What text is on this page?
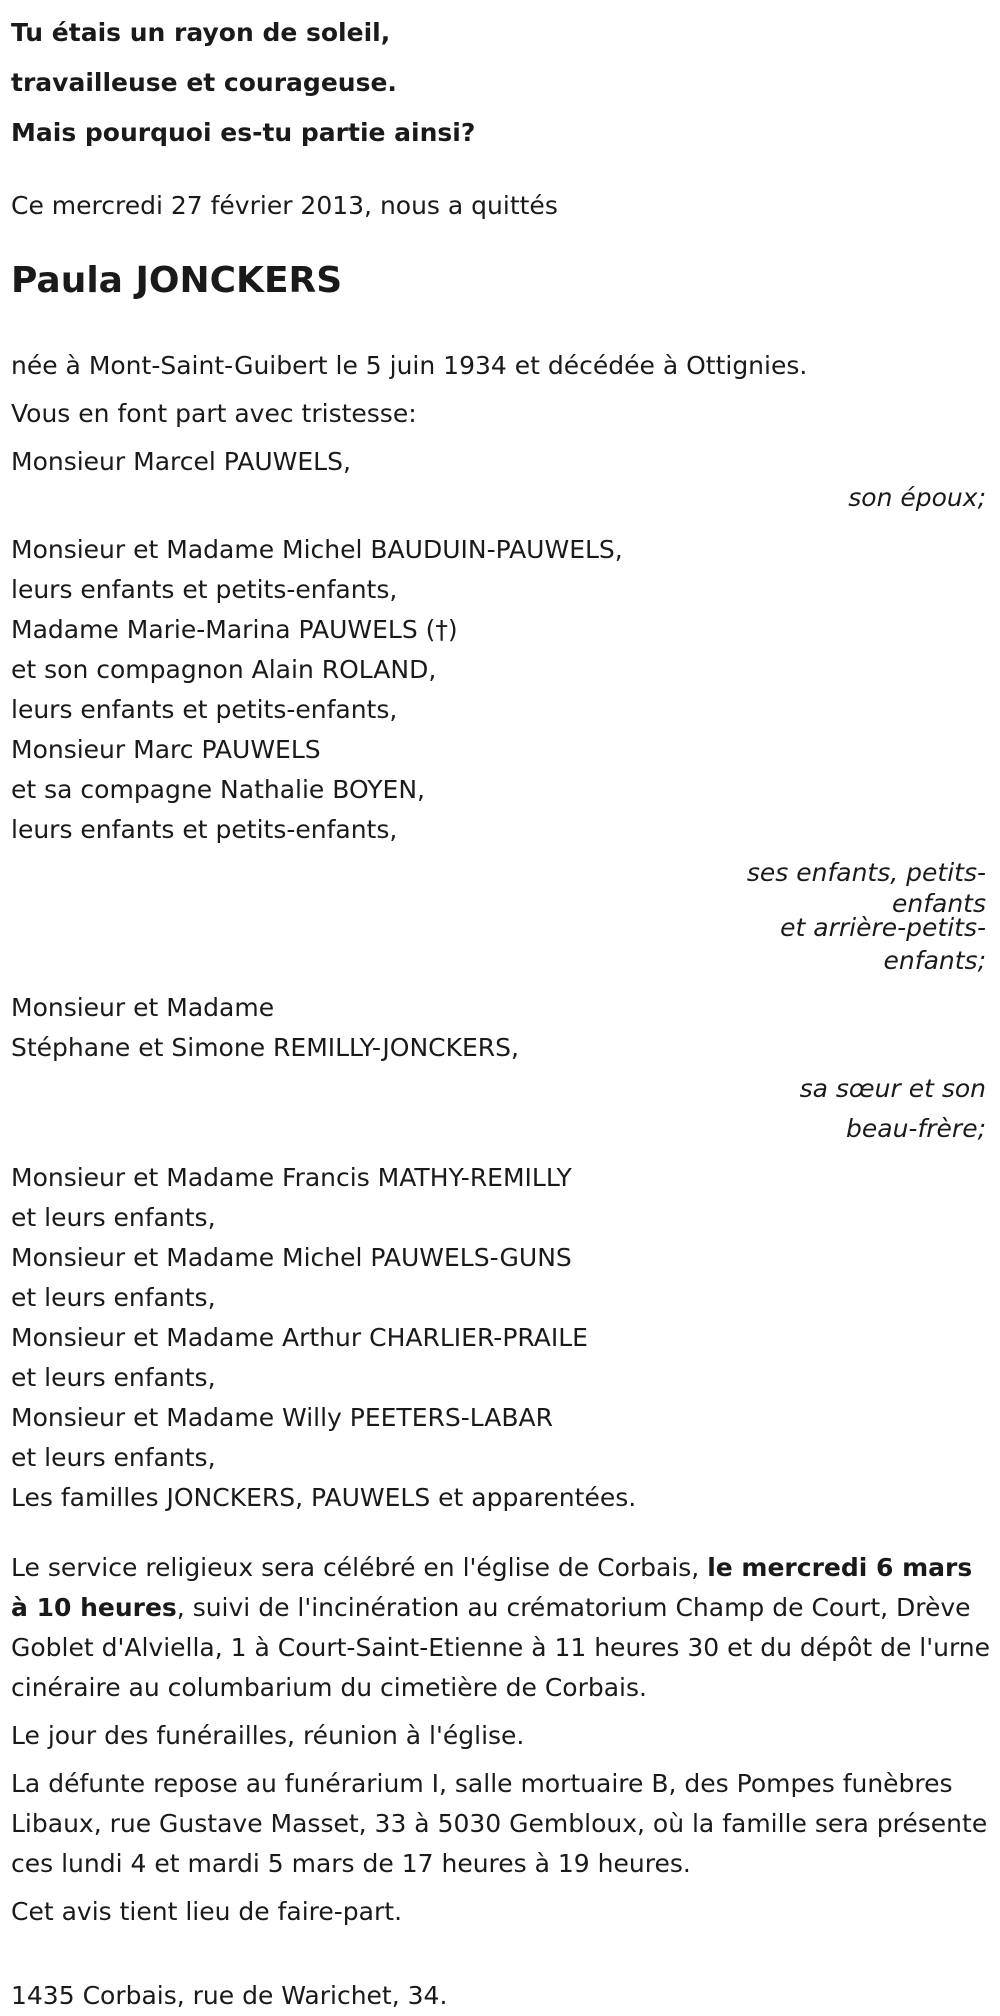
Tu étais un rayon de soleil,

travailleuse et courageuse.

Mais pourquoi es-tu partie ainsi?

Ce mercredi 27 février 2013, nous a quittés
Paula JONCKERS

née à Mont-Saint-Guibert le 5 juin 1934 et décédée à Ottignies.

Vous en font part avec tristesse:

Monsieur Marcel PAUWELS,

son époux;

Monsieur et Madame Michel BAUDUIN-PAUWELS,

leurs enfants et petits-enfants,

Madame Marie-Marina PAUWELS (†)

et son compagnon Alain ROLAND,

leurs enfants et petits-enfants,

Monsieur Marc PAUWELS

et sa compagne Nathalie BOYEN,

leurs enfants et petits-enfants,

ses enfants, petits-
enfants
et arrière-petits-
enfants;

Monsieur et Madame

Stéphane et Simone REMILLY-JONCKERS,

sa sœur et son
beau-frère;

Monsieur et Madame Francis MATHY-REMILLY

et leurs enfants,

Monsieur et Madame Michel PAUWELS-GUNS

et leurs enfants,

Monsieur et Madame Arthur CHARLIER-PRAILE

et leurs enfants,

Monsieur et Madame Willy PEETERS-LABAR

et leurs enfants,

Les familles JONCKERS, PAUWELS et apparentées.

Le service religieux sera célébré en l'église de Corbais, le mercredi 6 mars à 10 heures, suivi de l'incinération au crématorium Champ de Court, Drève Goblet d'Alviella, 1 à Court-Saint-Etienne à 11 heures 30 et du dépôt de l'urne cinéraire au columbarium du cimetière de Corbais.

Le jour des funérailles, réunion à l'église.

La défunte repose au funérarium I, salle mortuaire B, des Pompes funèbres Libaux, rue Gustave Masset, 33 à 5030 Gembloux, où la famille sera présente ces lundi 4 et mardi 5 mars de 17 heures à 19 heures.

Cet avis tient lieu de faire-part.

1435 Corbais, rue de Warichet, 34.
